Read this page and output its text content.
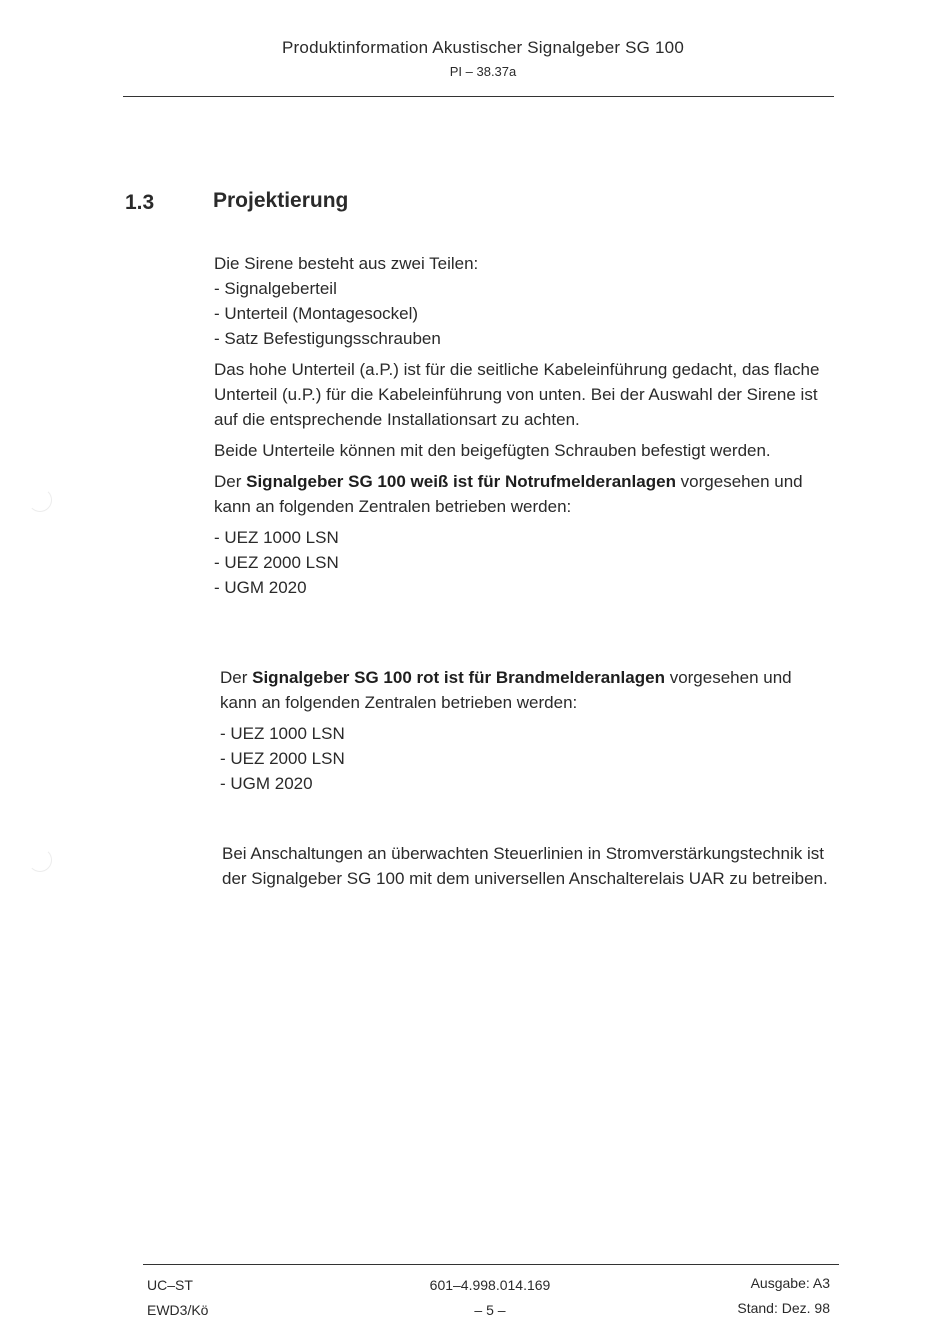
Produktinformation Akustischer Signalgeber SG 100
PI – 38.37a
1.3	Projektierung
Die Sirene besteht aus zwei Teilen:
- Signalgeberteil
- Unterteil (Montagesockel)
- Satz Befestigungsschrauben

Das hohe Unterteil (a.P.) ist für die seitliche Kabeleinführung gedacht, das flache Unterteil (u.P.) für die Kabeleinführung von unten. Bei der Auswahl der Sirene ist auf die entsprechende Installationsart zu achten.

Beide Unterteile können mit den beigefügten Schrauben befestigt werden.

Der Signalgeber SG 100 weiß ist für Notrufmelderanlagen vorgesehen und kann an folgenden Zentralen betrieben werden:

- UEZ 1000 LSN
- UEZ 2000 LSN
- UGM 2020

Der Signalgeber SG 100 rot ist für Brandmelderanlagen vorgesehen und kann an folgenden Zentralen betrieben werden:

- UEZ 1000 LSN
- UEZ 2000 LSN
- UGM 2020
Bei Anschaltungen an überwachten Steuerlinien in Stromverstärkungstechnik ist der Signalgeber SG 100 mit dem universellen Anschalterelais UAR zu betreiben.
UC–ST
EWD3/Kö
601–4.998.014.169
– 5 –
Ausgabe: A3
Stand: Dez. 98
